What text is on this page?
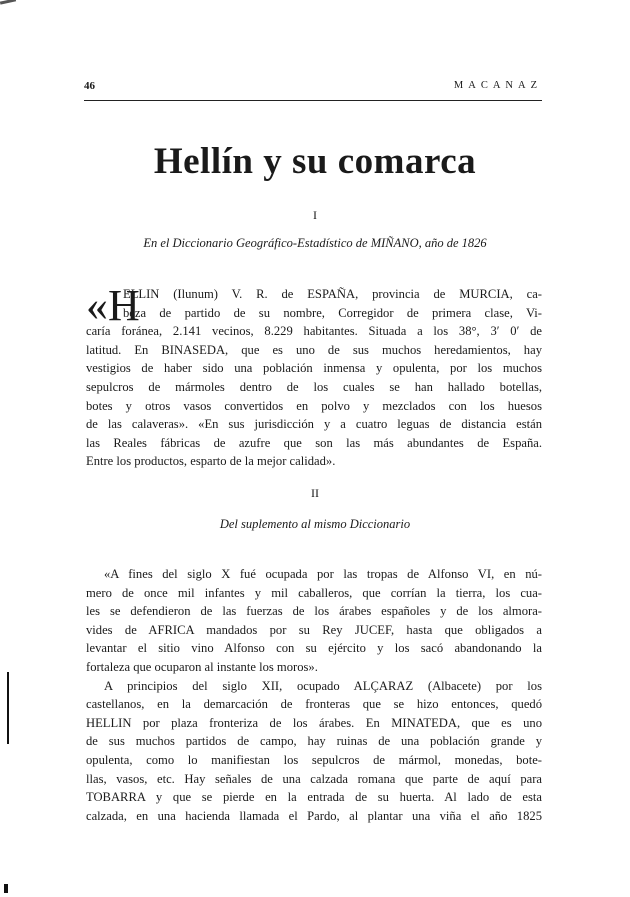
46	MACANAZ
Hellín y su comarca
I
En el Diccionario Geográfico-Estadístico de MIÑANO, año de 1826
«H
ELLIN (Ilunum) V. R. de ESPAÑA, provincia de MURCIA, ca-
beza de partido de su nombre, Corregidor de primera clase, Vi-
caría foránea, 2.141 vecinos, 8.229 habitantes. Situada a los 38°, 3′ 0′ de
latitud. En BINASEDA, que es uno de sus muchos heredamientos, hay
vestigios de haber sido una población inmensa y opulenta, por los muchos
sepulcros de mármoles dentro de los cuales se han hallado botellas,
botes y otros vasos convertidos en polvo y mezclados con los huesos
de las calaveras». «En sus jurisdicción y a cuatro leguas de distancia están
las Reales fábricas de azufre que son las más abundantes de España.
Entre los productos, esparto de la mejor calidad».
II
Del suplemento al mismo Diccionario
«A fines del siglo X fué ocupada por las tropas de Alfonso VI, en nú-
mero de once mil infantes y mil caballeros, que corrían la tierra, los cua-
les se defendieron de las fuerzas de los árabes españoles y de los almora-
vides de AFRICA mandados por su Rey JUCEF, hasta que obligados a
levantar el sitio vino Alfonso con su ejército y los sacó abandonando la
fortaleza que ocuparon al instante los moros».
A principios del siglo XII, ocupado ALÇARAZ (Albacete) por los
castellanos, en la demarcación de fronteras que se hizo entonces, quedó
HELLIN por plaza fronteriza de los árabes. En MINATEDA, que es uno
de sus muchos partidos de campo, hay ruinas de una población grande y
opulenta, como lo manifiestan los sepulcros de mármol, monedas, bote-
llas, vasos, etc. Hay señales de una calzada romana que parte de aquí para
TOBARRA y que se pierde en la entrada de su huerta. Al lado de esta
calzada, en una hacienda llamada el Pardo, al plantar una viña el año 1825
